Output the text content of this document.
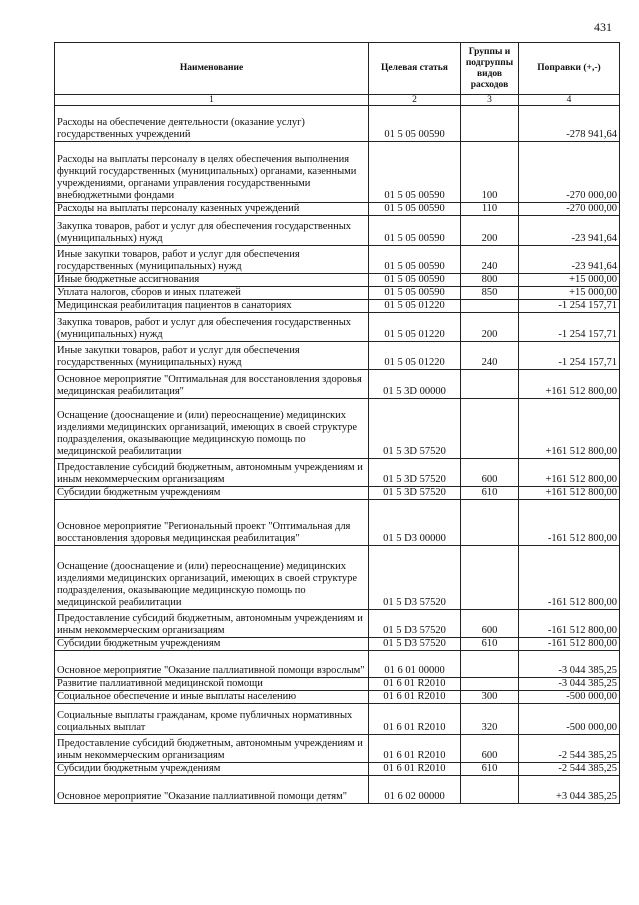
431
Наименование	Целевая статья	Группы и подгруппы видов расходов	Поправки (+,-)
1	2	3	4
Расходы на обеспечение деятельности (оказание услуг) государственных учреждений	01 5 05 00590		-278 941,64
Расходы на выплаты персоналу в целях обеспечения выполнения функций государственных (муниципальных) органами, казенными учреждениями, органами управления государственными внебюджетными фондами	01 5 05 00590	100	-270 000,00
Расходы на выплаты персоналу казенных учреждений	01 5 05 00590	110	-270 000,00
Закупка товаров, работ и услуг для обеспечения государственных (муниципальных) нужд	01 5 05 00590	200	-23 941,64
Иные закупки товаров, работ и услуг для обеспечения государственных (муниципальных) нужд	01 5 05 00590	240	-23 941,64
Иные бюджетные ассигнования	01 5 05 00590	800	+15 000,00
Уплата налогов, сборов и иных платежей	01 5 05 00590	850	+15 000,00
Медицинская реабилитация пациентов в санаториях	01 5 05 01220		-1 254 157,71
Закупка товаров, работ и услуг для обеспечения государственных (муниципальных) нужд	01 5 05 01220	200	-1 254 157,71
Иные закупки товаров, работ и услуг для обеспечения государственных (муниципальных) нужд	01 5 05 01220	240	-1 254 157,71
Основное мероприятие "Оптимальная для восстановления здоровья медицинская реабилитация"	01 5 3D 00000		+161 512 800,00
Оснащение (дооснащение и (или) переоснащение) медицинских изделиями медицинских организаций, имеющих в своей структуре подразделения, оказывающие медицинскую помощь по медицинской реабилитации	01 5 3D 57520		+161 512 800,00
Предоставление субсидий бюджетным, автономным учреждениям и иным некоммерческим организациям	01 5 3D 57520	600	+161 512 800,00
Субсидии бюджетным учреждениям	01 5 3D 57520	610	+161 512 800,00
Основное мероприятие "Региональный проект "Оптимальная для восстановления здоровья медицинская реабилитация"	01 5 D3 00000		-161 512 800,00
Оснащение (дооснащение и (или) переоснащение) медицинских изделиями медицинских организаций, имеющих в своей структуре подразделения, оказывающие медицинскую помощь по медицинской реабилитации	01 5 D3 57520		-161 512 800,00
Предоставление субсидий бюджетным, автономным учреждениям и иным некоммерческим организациям	01 5 D3 57520	600	-161 512 800,00
Субсидии бюджетным учреждениям	01 5 D3 57520	610	-161 512 800,00
Основное мероприятие "Оказание паллиативной помощи взрослым"	01 6 01 00000		-3 044 385,25
Развитие паллиативной медицинской помощи	01 6 01 R2010		-3 044 385,25
Социальное обеспечение и иные выплаты населению	01 6 01 R2010	300	-500 000,00
Социальные выплаты гражданам, кроме публичных нормативных социальных выплат	01 6 01 R2010	320	-500 000,00
Предоставление субсидий бюджетным, автономным учреждениям и иным некоммерческим организациям	01 6 01 R2010	600	-2 544 385,25
Субсидии бюджетным учреждениям	01 6 01 R2010	610	-2 544 385,25
Основное мероприятие "Оказание паллиативной помощи детям"	01 6 02 00000		+3 044 385,25
